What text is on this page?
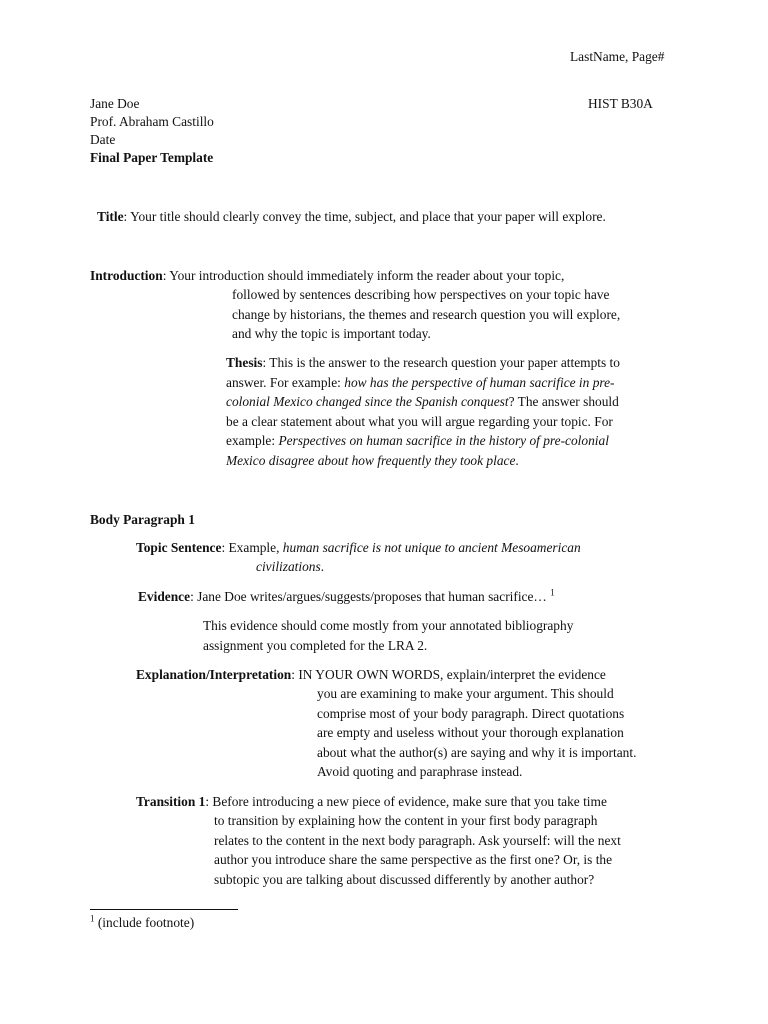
LastName, Page#
Jane Doe	HIST B30A
Prof. Abraham Castillo
Date
Final Paper Template
Title: Your title should clearly convey the time, subject, and place that your paper will explore.
Introduction: Your introduction should immediately inform the reader about your topic,
followed by sentences describing how perspectives on your topic have
change by historians, the themes and research question you will explore,
and why the topic is important today.
Thesis: This is the answer to the research question your paper attempts to
answer. For example: how has the perspective of human sacrifice in pre-
colonial Mexico changed since the Spanish conquest? The answer should
be a clear statement about what you will argue regarding your topic. For
example: Perspectives on human sacrifice in the history of pre-colonial
Mexico disagree about how frequently they took place.
Body Paragraph 1
Topic Sentence: Example, human sacrifice is not unique to ancient Mesoamerican
civilizations.
Evidence: Jane Doe writes/argues/suggests/proposes that human sacrifice… $^1$
This evidence should come mostly from your annotated bibliography
assignment you completed for the LRA 2.
Explanation/Interpretation: IN YOUR OWN WORDS, explain/interpret the evidence
you are examining to make your argument. This should
comprise most of your body paragraph. Direct quotations
are empty and useless without your thorough explanation
about what the author(s) are saying and why it is important.
Avoid quoting and paraphrase instead.
Transition 1: Before introducing a new piece of evidence, make sure that you take time
to transition by explaining how the content in your first body paragraph
relates to the content in the next body paragraph. Ask yourself: will the next
author you introduce share the same perspective as the first one? Or, is the
subtopic you are talking about discussed differently by another author?
$^1$ (include footnote)
